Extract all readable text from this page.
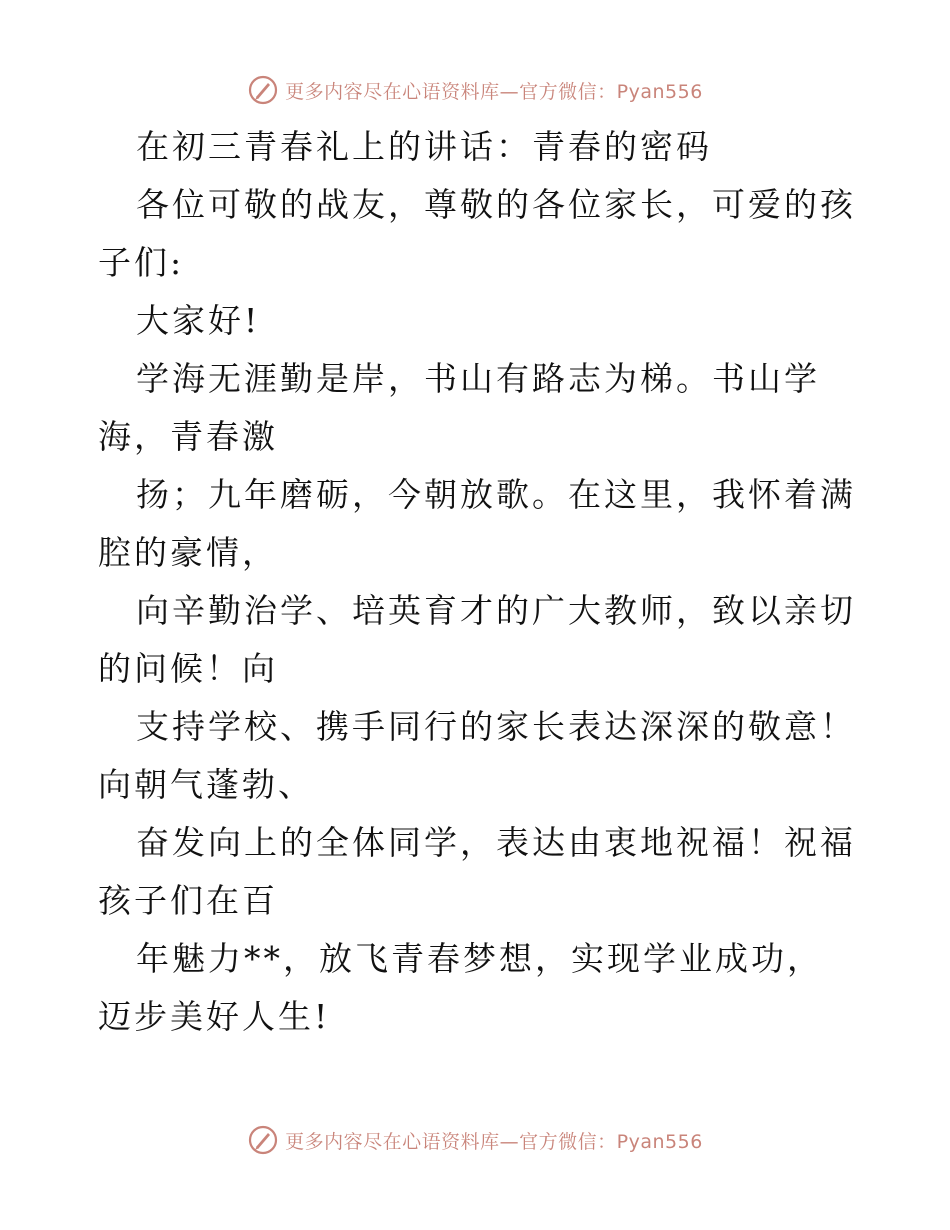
更多内容尽在心语资料库—官方微信：Pyan556

在初三青春礼上的讲话：青春的密码

各位可敬的战友，尊敬的各位家长，可爱的孩子们:

大家好!

学海无涯勤是岸，书山有路志为梯。书山学海，青春激

扬；九年磨砺，今朝放歌。在这里，我怀着满腔的豪情，

向辛勤治学、培英育才的广大教师，致以亲切的问候！向

支持学校、携手同行的家长表达深深的敬意！向朝气蓬勃、

奋发向上的全体同学，表达由衷地祝福！祝福孩子们在百

年魅力**，放飞青春梦想，实现学业成功，迈步美好人生!

更多内容尽在心语资料库—官方微信：Pyan556
